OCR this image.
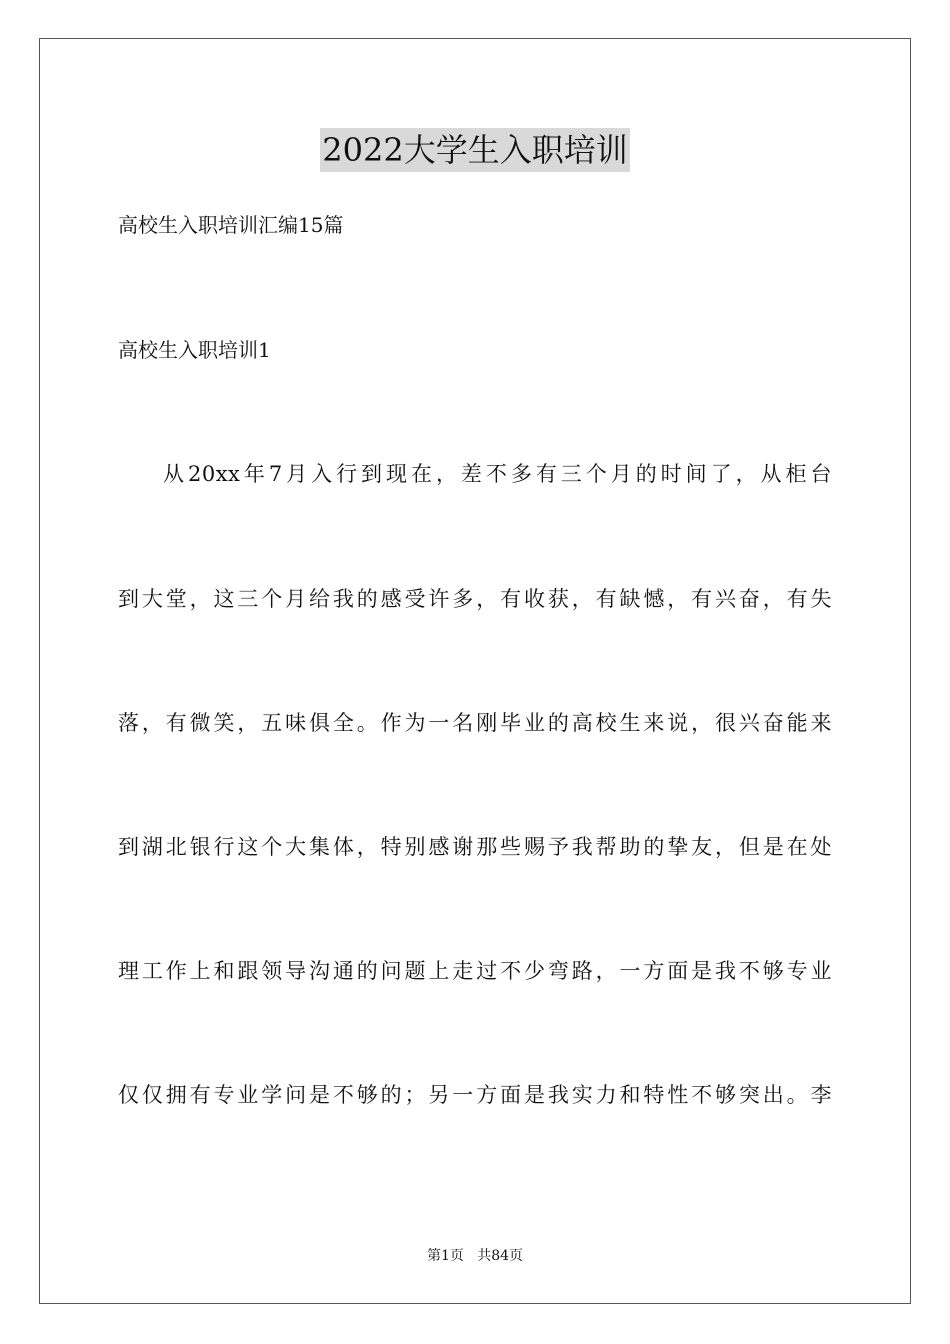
2022大学生入职培训
高校生入职培训汇编15篇
高校生入职培训1
从20xx年7月入行到现在，差不多有三个月的时间了，从柜台
到大堂，这三个月给我的感受许多，有收获，有缺憾，有兴奋，有失
落，有微笑，五味俱全。作为一名刚毕业的高校生来说，很兴奋能来
到湖北银行这个大集体，特别感谢那些赐予我帮助的挚友，但是在处
理工作上和跟领导沟通的问题上走过不少弯路，一方面是我不够专业
仅仅拥有专业学问是不够的；另一方面是我实力和特性不够突出。李
第1页   共84页
